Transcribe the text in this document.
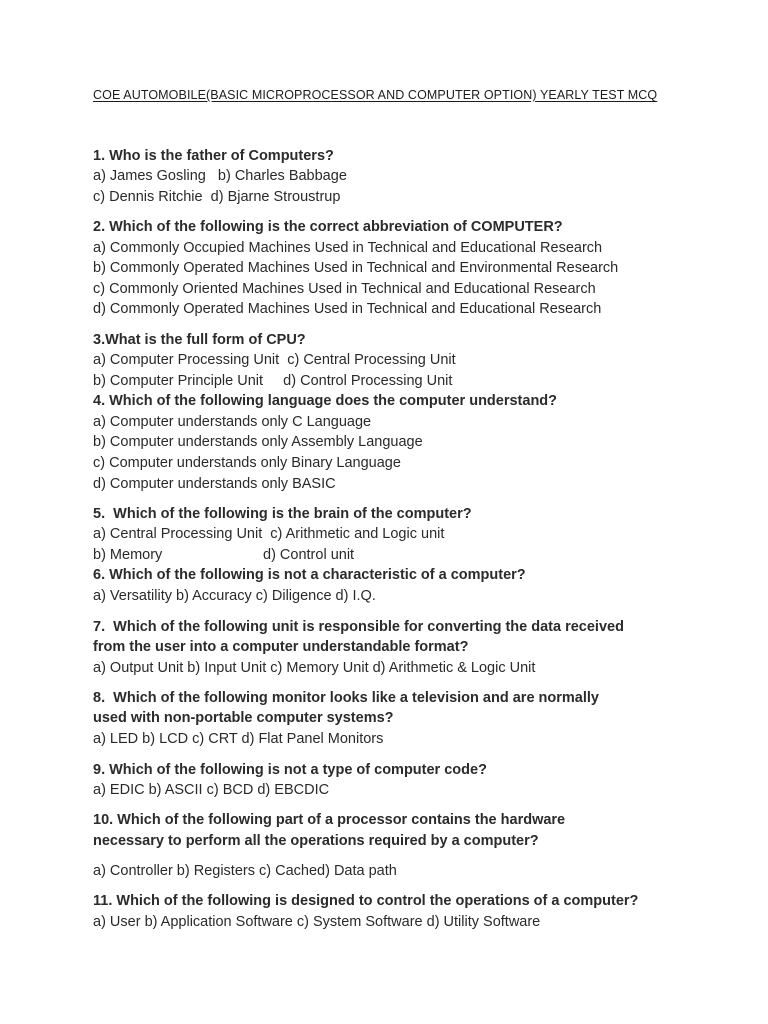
COE AUTOMOBILE(BASIC MICROPROCESSOR AND COMPUTER OPTION) YEARLY TEST MCQ
1. Who is the father of Computers?
a) James Gosling   b) Charles Babbage
c) Dennis Ritchie  d) Bjarne Stroustrup
2. Which of the following is the correct abbreviation of COMPUTER?
a) Commonly Occupied Machines Used in Technical and Educational Research
b) Commonly Operated Machines Used in Technical and Environmental Research
c) Commonly Oriented Machines Used in Technical and Educational Research
d) Commonly Operated Machines Used in Technical and Educational Research
3.What is the full form of CPU?
a) Computer Processing Unit  c) Central Processing Unit
b) Computer Principle Unit     d) Control Processing Unit
4. Which of the following language does the computer understand?
a) Computer understands only C Language
b) Computer understands only Assembly Language
c) Computer understands only Binary Language
d) Computer understands only BASIC
5.  Which of the following is the brain of the computer?
a) Central Processing Unit  c) Arithmetic and Logic unit
b) Memory                         d) Control unit
6. Which of the following is not a characteristic of a computer?
a) Versatility b) Accuracy c) Diligence d) I.Q.
7.  Which of the following unit is responsible for converting the data received
from the user into a computer understandable format?
a) Output Unit b) Input Unit c) Memory Unit d) Arithmetic & Logic Unit
8.  Which of the following monitor looks like a television and are normally
used with non-portable computer systems?
a) LED b) LCD c) CRT d) Flat Panel Monitors
9. Which of the following is not a type of computer code?
a) EDIC b) ASCII c) BCD d) EBCDIC
10. Which of the following part of a processor contains the hardware
necessary to perform all the operations required by a computer?
a) Controller b) Registers c) Cached) Data path
11. Which of the following is designed to control the operations of a computer?
a) User b) Application Software c) System Software d) Utility Software
